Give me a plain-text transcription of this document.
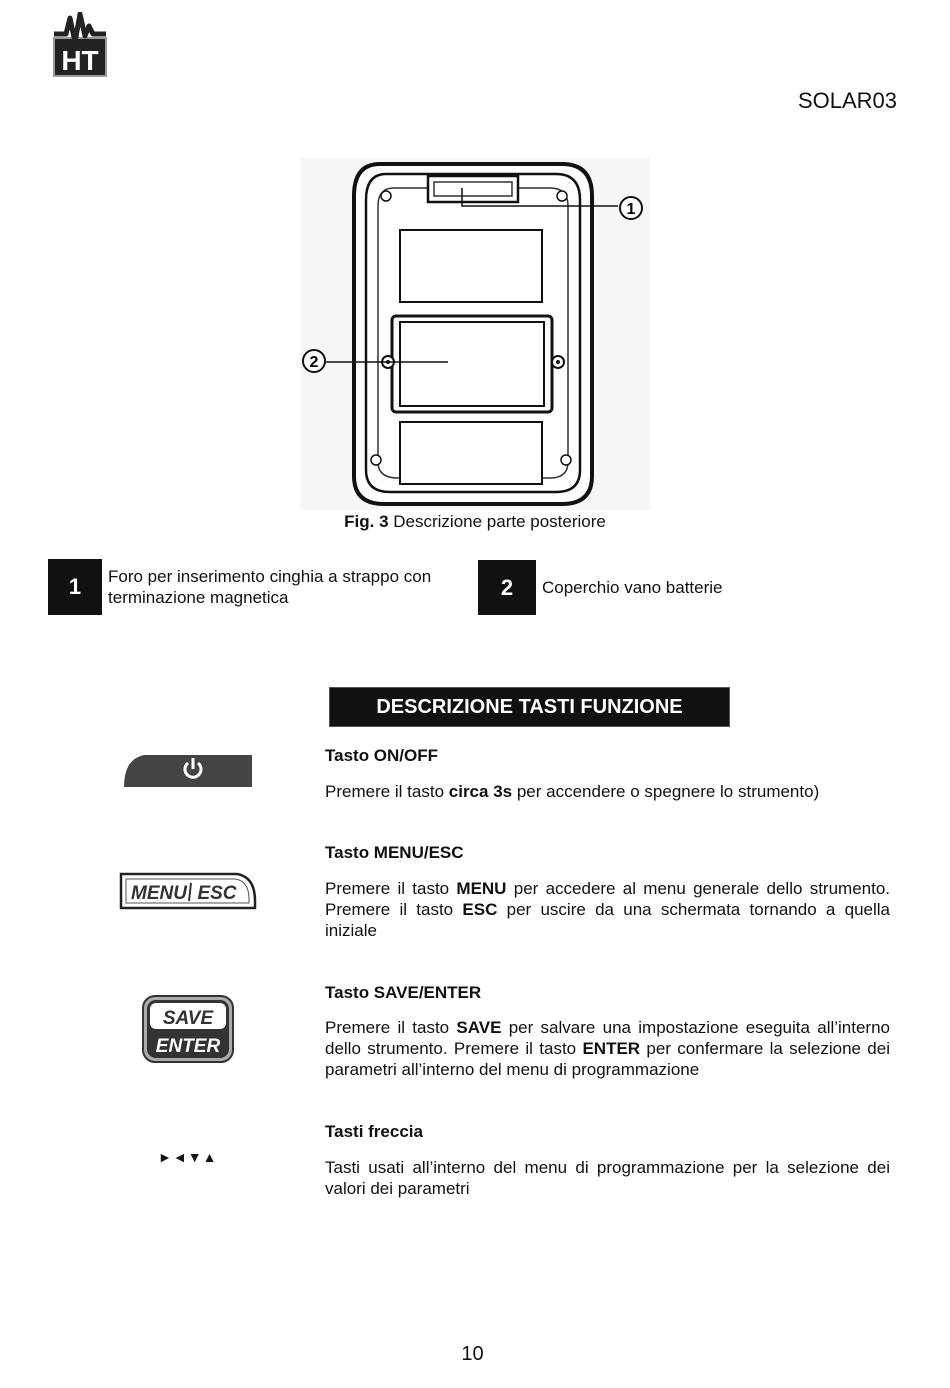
HT
SOLAR03
1
2
Fig. 3 Descrizione parte posteriore
1	Foro per inserimento cinghia a strappo con terminazione magnetica	2	Coperchio vano batterie
DESCRIZIONE TASTI FUNZIONE
Tasto ON/OFF
Premere il tasto circa 3s per accendere o spegnere lo strumento)
MENU ESC
Tasto MENU/ESC
Premere il tasto MENU per accedere al menu generale dello strumento. Premere il tasto ESC per uscire da una schermata tornando a quella iniziale
SAVE
ENTER
Tasto SAVE/ENTER
Premere il tasto SAVE per salvare una impostazione eseguita all’interno dello strumento. Premere il tasto ENTER per confermare la selezione dei parametri all’interno del menu di programmazione
►◄▼▲
Tasti freccia
Tasti usati all’interno del menu di programmazione per la selezione dei valori dei parametri
10
